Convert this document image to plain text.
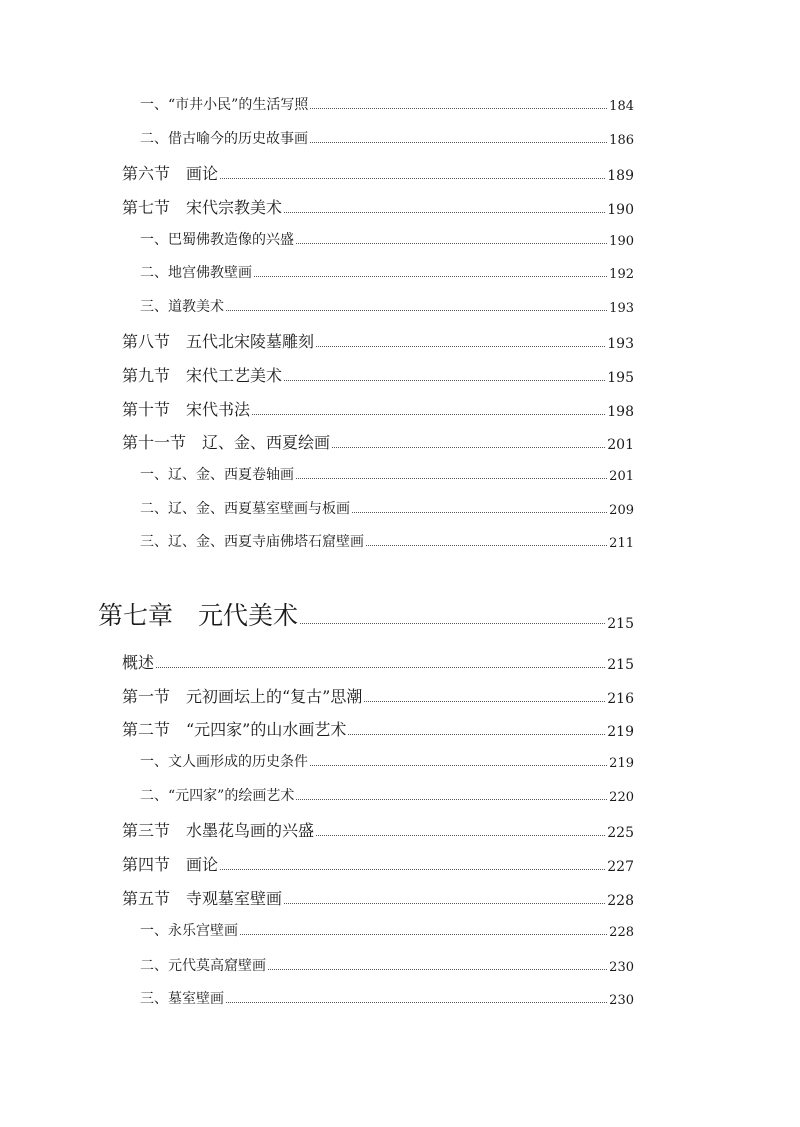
一、“市井小民”的生活写照	184
二、借古喻今的历史故事画	186
第六节　画论	189
第七节　宋代宗教美术	190
一、巴蜀佛教造像的兴盛	190
二、地宫佛教壁画	192
三、道教美术	193
第八节　五代北宋陵墓雕刻	193
第九节　宋代工艺美术	195
第十节　宋代书法	198
第十一节　辽、金、西夏绘画	201
一、辽、金、西夏卷轴画	201
二、辽、金、西夏墓室壁画与板画	209
三、辽、金、西夏寺庙佛塔石窟壁画	211
第七章　元代美术	215
概述	215
第一节　元初画坛上的“复古”思潮	216
第二节　“元四家”的山水画艺术	219
一、文人画形成的历史条件	219
二、“元四家”的绘画艺术	220
第三节　水墨花鸟画的兴盛	225
第四节　画论	227
第五节　寺观墓室壁画	228
一、永乐宫壁画	228
二、元代莫高窟壁画	230
三、墓室壁画	230
